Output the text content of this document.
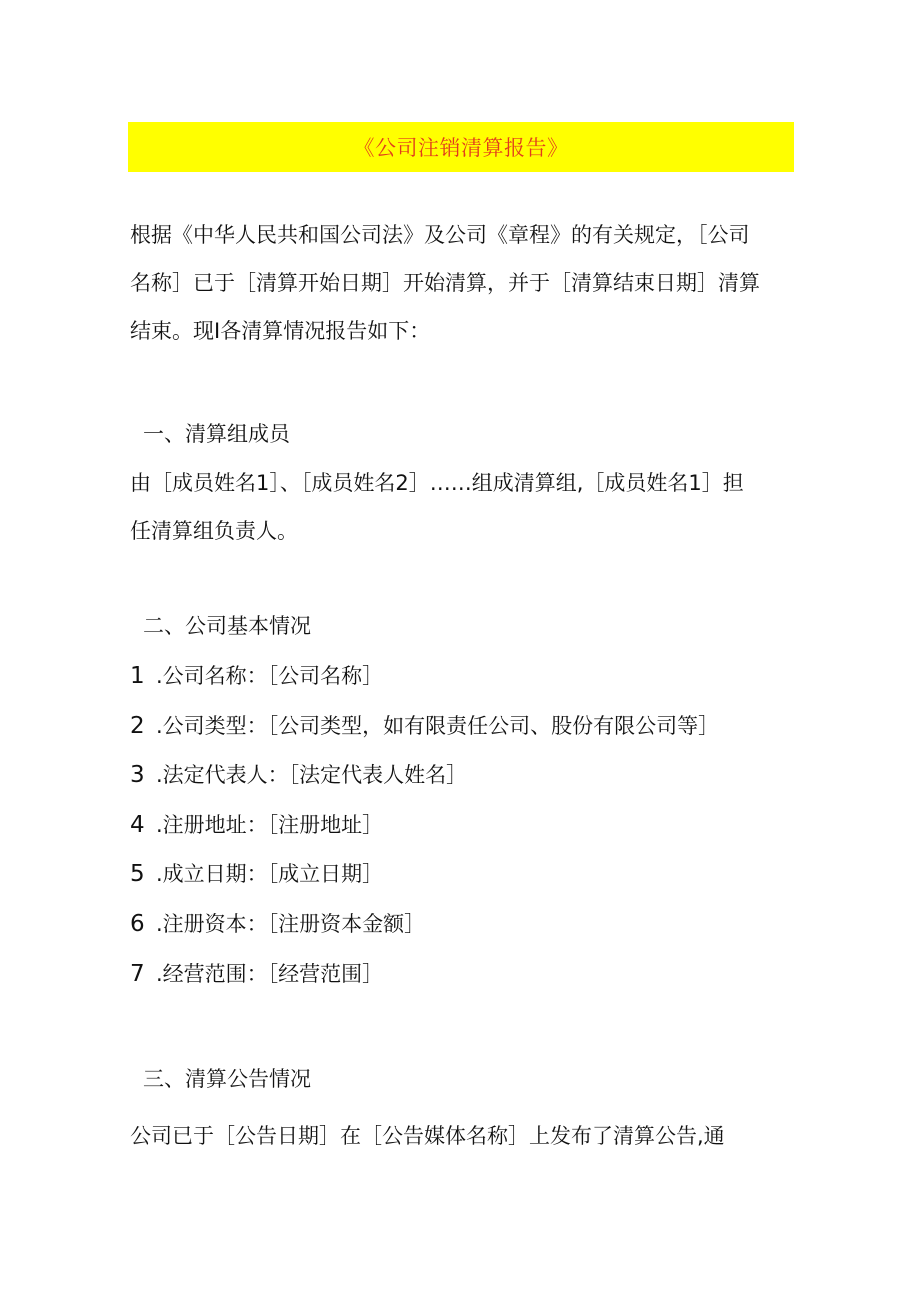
《公司注销清算报告》

根据《中华人民共和国公司法》及公司《章程》的有关规定，［公司
名称］已于［清算开始日期］开始清算，并于［清算结束日期］清算
结束。现I各清算情况报告如下：

一、清算组成员

由［成员姓名1］、［成员姓名2］……组成清算组,［成员姓名1］担
任清算组负责人。

二、公司基本情况
1 .公司名称：［公司名称］
2 .公司类型：［公司类型，如有限责任公司、股份有限公司等］
3 .法定代表人：［法定代表人姓名］
4 .注册地址：［注册地址］
5 .成立日期：［成立日期］
6 .注册资本：［注册资本金额］
7 .经营范围：［经营范围］
三、清算公告情况

公司已于［公告日期］在［公告媒体名称］上发布了清算公告,通
